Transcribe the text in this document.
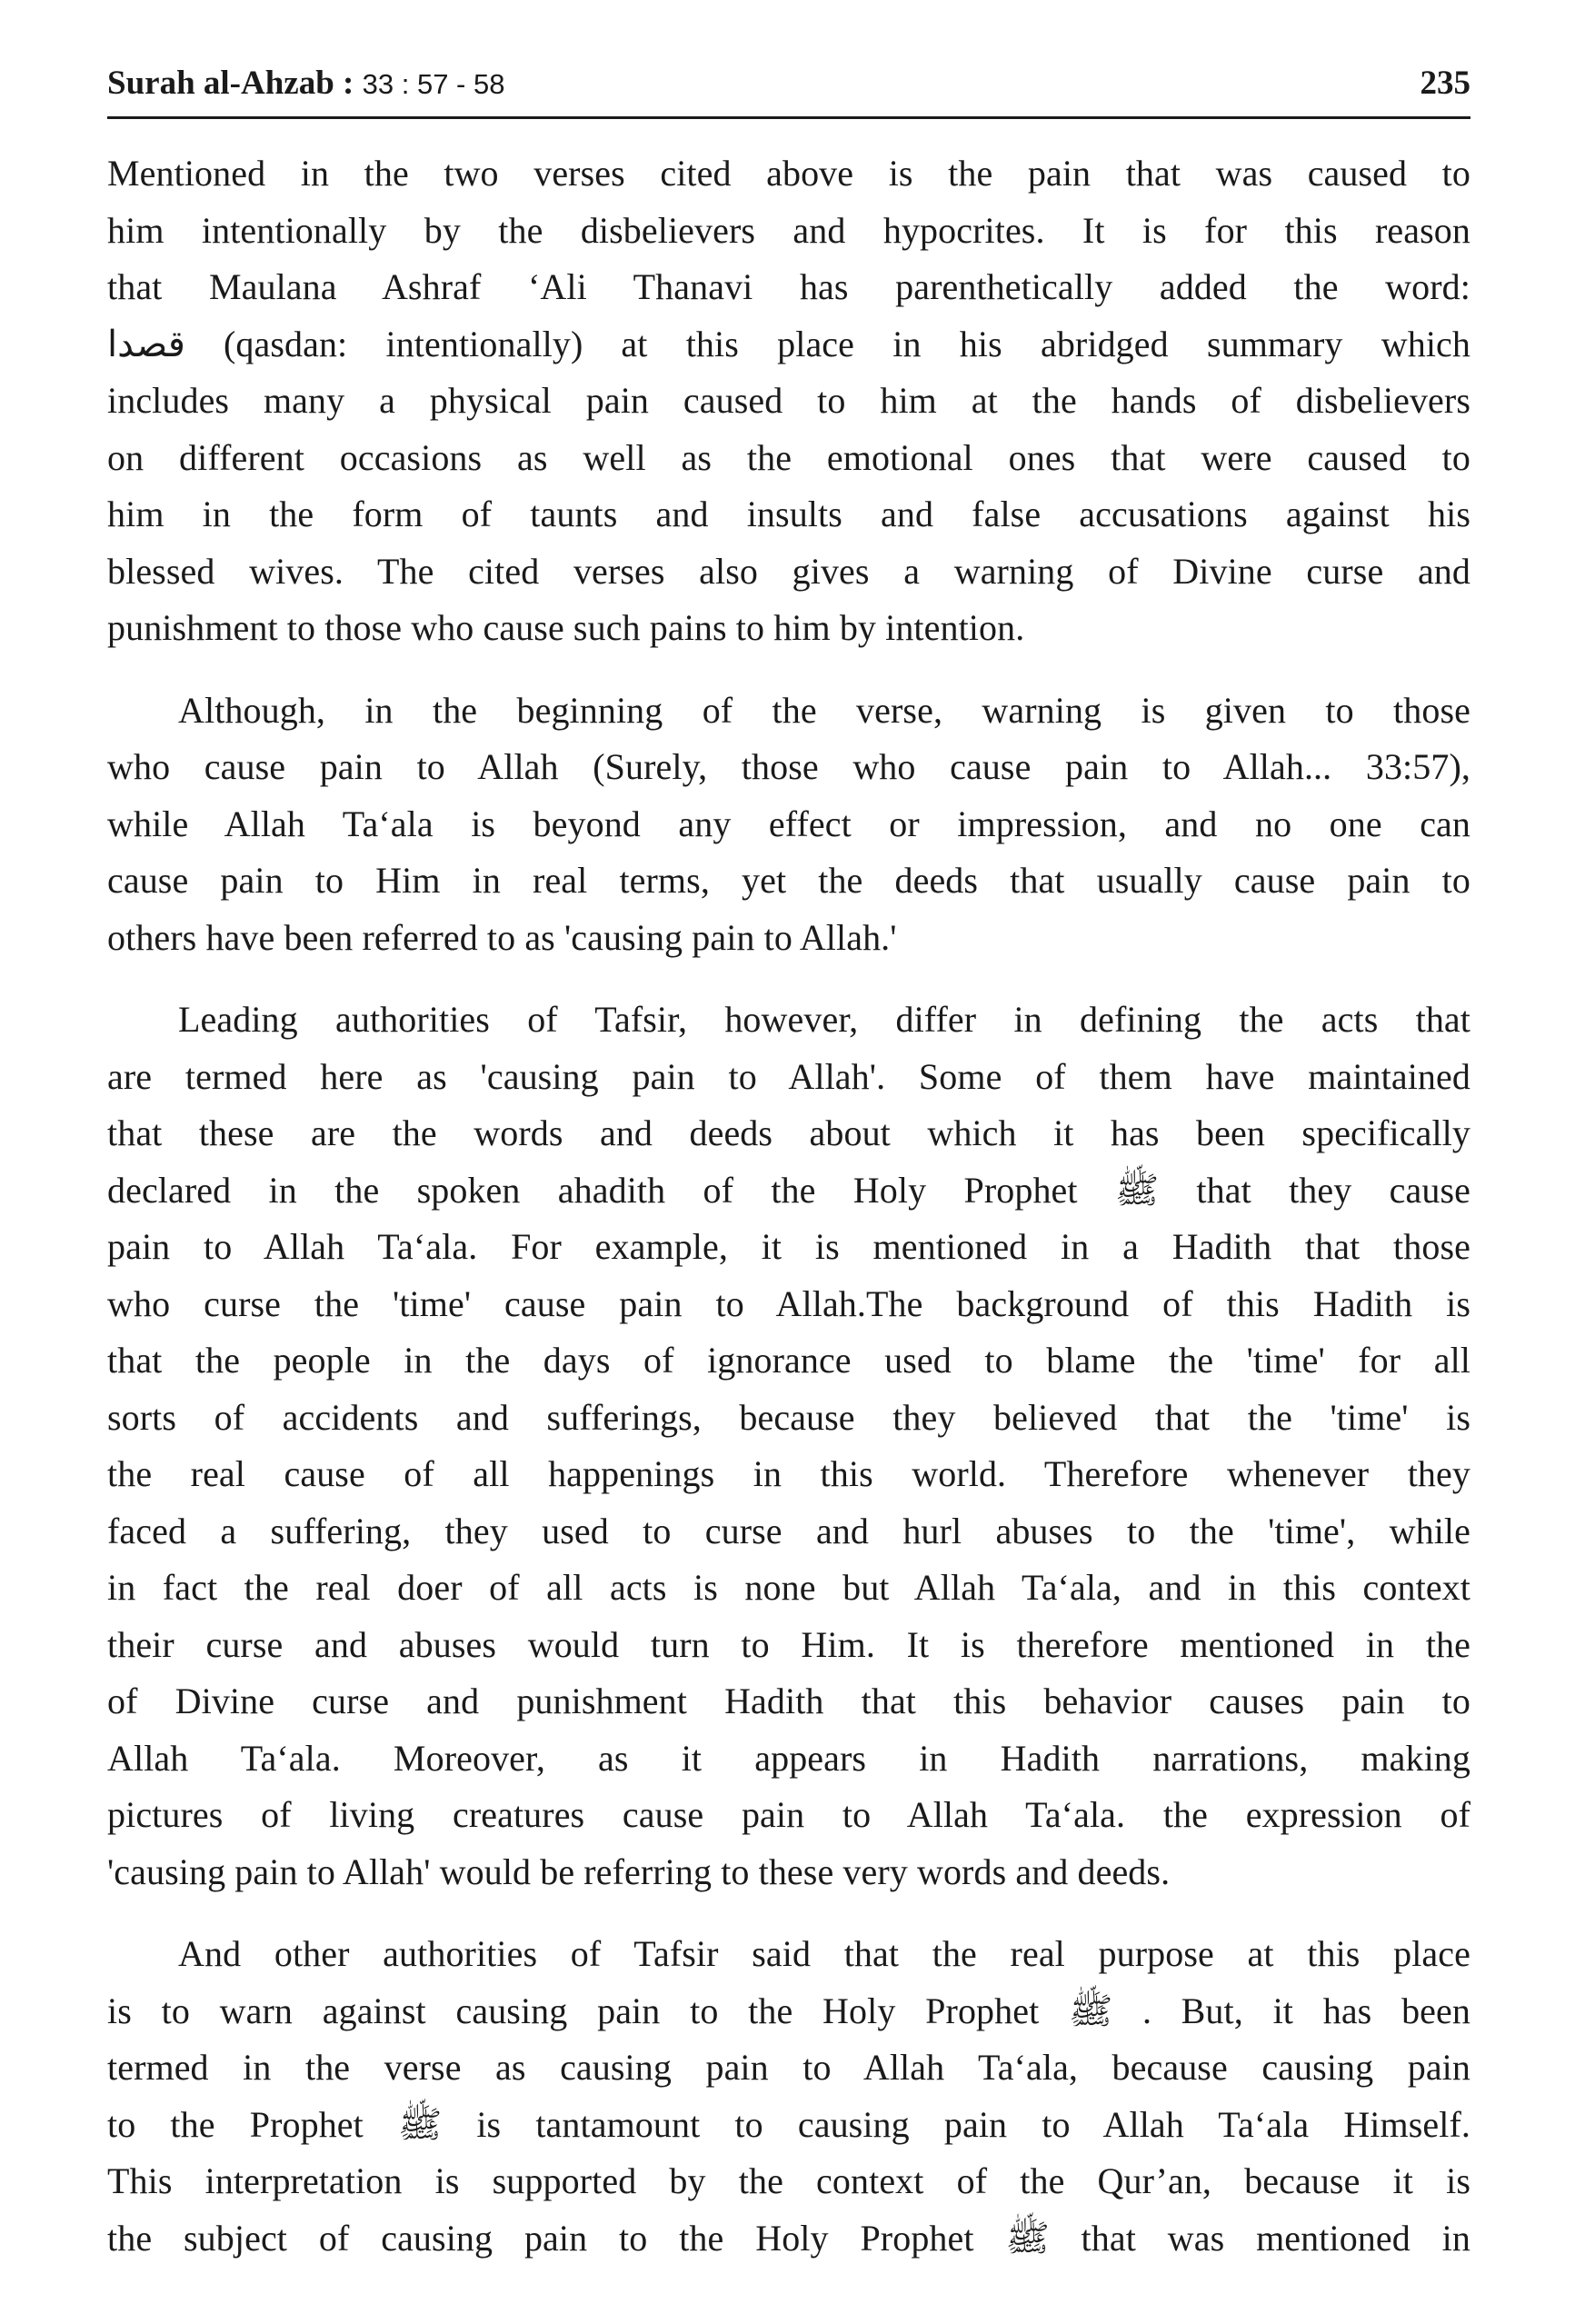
Surah al-Ahzab : 33 : 57 - 58	235

Mentioned in the two verses cited above is the pain that was caused to
him intentionally by the disbelievers and hypocrites. It is for this reason
that Maulana Ashraf ‘Ali Thanavi has parenthetically added the word:
قصدا (qasdan: intentionally) at this place in his abridged summary which
includes many a physical pain caused to him at the hands of disbelievers
on different occasions as well as the emotional ones that were caused to
him in the form of taunts and insults and false accusations against his
blessed wives. The cited verses also gives a warning of Divine curse and
punishment to those who cause such pains to him by intention.

Although, in the beginning of the verse, warning is given to those
who cause pain to Allah (Surely, those who cause pain to Allah... 33:57),
while Allah Ta‘ala is beyond any effect or impression, and no one can
cause pain to Him in real terms, yet the deeds that usually cause pain to
others have been referred to as 'causing pain to Allah.'

Leading authorities of Tafsir, however, differ in defining the acts that
are termed here as 'causing pain to Allah'. Some of them have maintained
that these are the words and deeds about which it has been specifically
declared in the spoken ahadith of the Holy Prophet ﷺ that they cause
pain to Allah Ta‘ala. For example, it is mentioned in a Hadith that those
who curse the 'time' cause pain to Allah.The background of this Hadith is
that the people in the days of ignorance used to blame the 'time' for all
sorts of accidents and sufferings, because they believed that the 'time' is
the real cause of all happenings in this world. Therefore whenever they
faced a suffering, they used to curse and hurl abuses to the 'time', while
in fact the real doer of all acts is none but Allah Ta‘ala, and in this context
their curse and abuses would turn to Him. It is therefore mentioned in the
of Divine curse and punishment Hadith that this behavior causes pain to
Allah Ta‘ala. Moreover, as it appears in Hadith narrations, making
pictures of living creatures cause pain to Allah Ta‘ala. the expression of
'causing pain to Allah' would be referring to these very words and deeds.

And other authorities of Tafsir said that the real purpose at this place
is to warn against causing pain to the Holy Prophet ﷺ . But, it has been
termed in the verse as causing pain to Allah Ta‘ala, because causing pain
to the Prophet ﷺ is tantamount to causing pain to Allah Ta‘ala Himself.
This interpretation is supported by the context of the Qur’an, because it is
the subject of causing pain to the Holy Prophet ﷺ that was mentioned in
